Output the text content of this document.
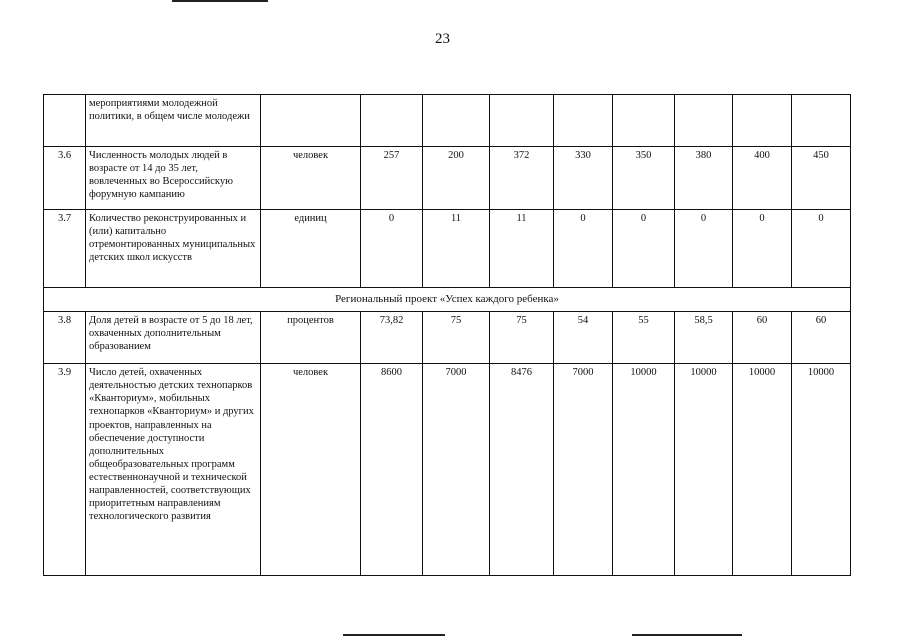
23
	мероприятиями молодежной политики, в общем числе молодежи									
3.6	Численность молодых людей в возрасте от 14 до 35 лет, вовлеченных во Всероссийскую форумную кампанию	человек	257	200	372	330	350	380	400	450
3.7	Количество реконструированных и (или) капитально отремонтированных муниципальных детских школ искусств	единиц	0	11	11	0	0	0	0	0
Региональный проект «Успех каждого ребенка»										
3.8	Доля детей в возрасте от 5 до 18 лет, охваченных дополнительным образованием	процентов	73,82	75	75	54	55	58,5	60	60
3.9	Число детей, охваченных деятельностью детских технопарков «Кванториум», мобильных технопарков «Кванториум» и других проектов, направленных на обеспечение доступности дополнительных общеобразовательных программ естественнонаучной и технической направленностей, соответствующих приоритетным направлениям технологического развития	человек	8600	7000	8476	7000	10000	10000	10000	10000
